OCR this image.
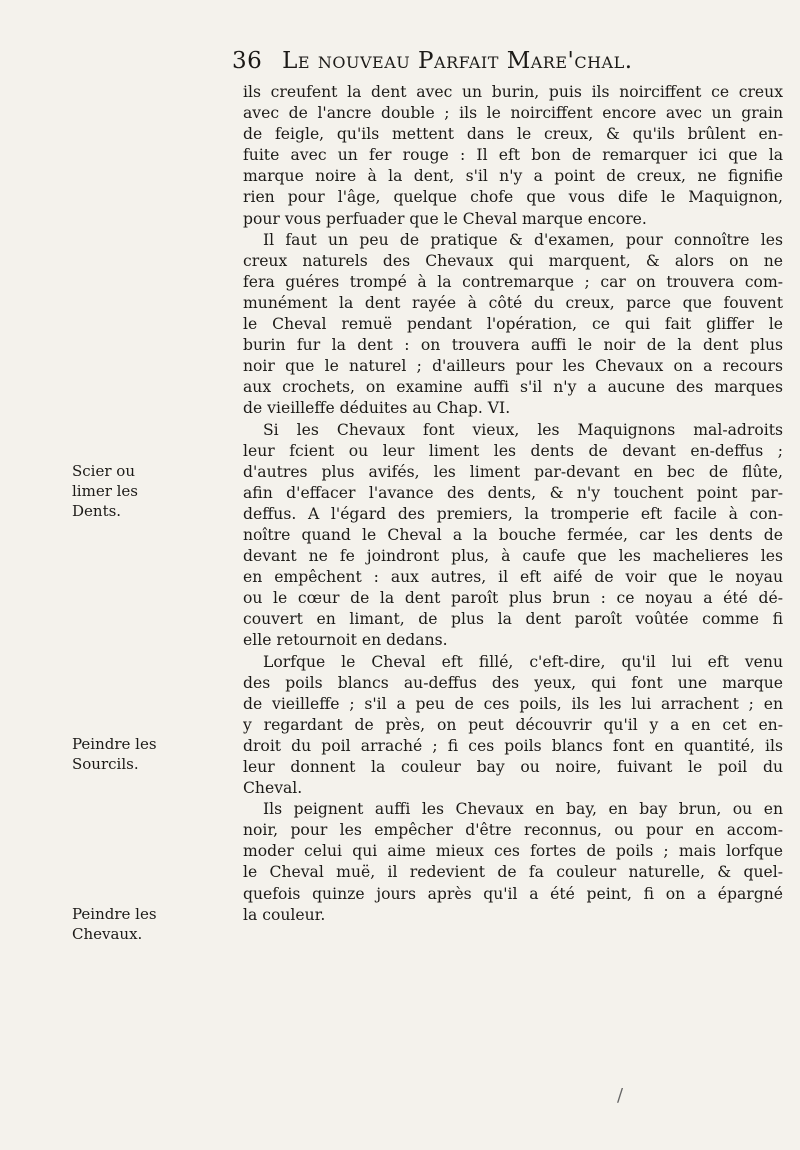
36 Le nouveau Parfait Mare'chal.

ils creufent la dent avec un burin, puis ils noirciffent ce creux
avec de l'ancre double ; ils le noirciffent encore avec un grain
de feigle, qu'ils mettent dans le creux, & qu'ils brûlent en-
fuite avec un fer rouge : Il eft bon de remarquer ici que la
marque noire à la dent, s'il n'y a point de creux, ne fignifie
rien pour l'âge, quelque chofe que vous dife le Maquignon,
pour vous perfuader que le Cheval marque encore.

Il faut un peu de pratique & d'examen, pour connoître les
creux naturels des Chevaux qui marquent, & alors on ne
fera guéres trompé à la contremarque ; car on trouvera com-
munément la dent rayée à côté du creux, parce que fouvent
le Cheval remuë pendant l'opération, ce qui fait gliffer le
burin fur la dent : on trouvera auffi le noir de la dent plus
noir que le naturel ; d'ailleurs pour les Chevaux on a recours
aux crochets, on examine auffi s'il n'y a aucune des marques
de vieilleffe déduites au Chap. VI.

Si les Chevaux font vieux, les Maquignons mal-adroits
leur fcient ou leur liment les dents de devant en-deffus ;
d'autres plus avifés, les liment par-devant en bec de flûte,
afin d'effacer l'avance des dents, & n'y touchent point par-
deffus. A l'égard des premiers, la tromperie eft facile à con-
noître quand le Cheval a la bouche fermée, car les dents de
devant ne fe joindront plus, à caufe que les machelieres les
en empêchent : aux autres, il eft aifé de voir que le noyau
ou le cœur de la dent paroît plus brun : ce noyau a été dé-
couvert en limant, de plus la dent paroît voûtée comme fi
elle retournoit en dedans.

Lorfque le Cheval eft fillé, c'eft-dire, qu'il lui eft venu
des poils blancs au-deffus des yeux, qui font une marque
de vieilleffe ; s'il a peu de ces poils, ils les lui arrachent ; en
y regardant de près, on peut découvrir qu'il y a en cet en-
droit du poil arraché ; fi ces poils blancs font en quantité, ils
leur donnent la couleur bay ou noire, fuivant le poil du
Cheval.

Ils peignent auffi les Chevaux en bay, en bay brun, ou en
noir, pour les empêcher d'être reconnus, ou pour en accom-
moder celui qui aime mieux ces fortes de poils ; mais lorfque
le Cheval muë, il redevient de fa couleur naturelle, & quel-
quefois quinze jours après qu'il a été peint, fi on a épargné
la couleur.

Scier ou
limer les
Dents.
Peindre les
Sourcils.
Peindre les
Chevaux.
/
